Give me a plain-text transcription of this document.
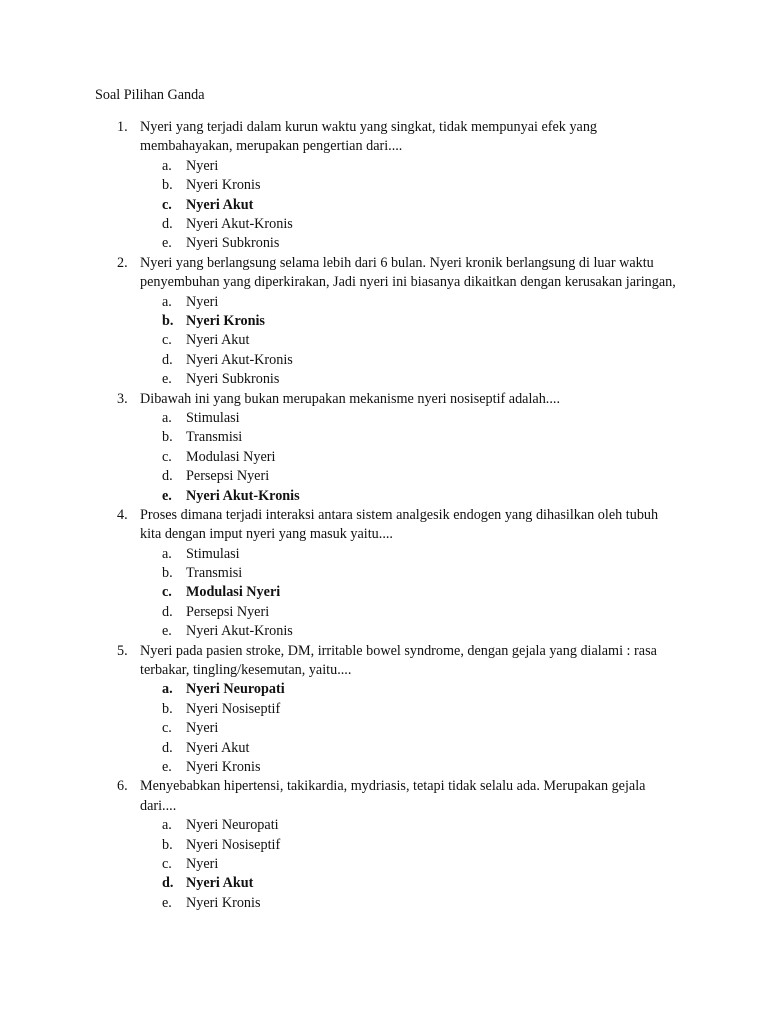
Soal Pilihan Ganda
1. Nyeri yang terjadi dalam kurun waktu yang singkat, tidak mempunyai efek yang membahayakan, merupakan pengertian dari....
a. Nyeri
b. Nyeri Kronis
c. Nyeri Akut
d. Nyeri Akut-Kronis
e. Nyeri Subkronis
2. Nyeri yang berlangsung selama lebih dari 6 bulan. Nyeri kronik berlangsung di luar waktu penyembuhan yang diperkirakan, Jadi nyeri ini biasanya dikaitkan dengan kerusakan jaringan,
a. Nyeri
b. Nyeri Kronis
c. Nyeri Akut
d. Nyeri Akut-Kronis
e. Nyeri Subkronis
3. Dibawah ini yang bukan merupakan mekanisme nyeri nosiseptif adalah....
a. Stimulasi
b. Transmisi
c. Modulasi Nyeri
d. Persepsi Nyeri
e. Nyeri Akut-Kronis
4. Proses dimana terjadi interaksi antara sistem analgesik endogen yang dihasilkan oleh tubuh kita dengan imput nyeri yang masuk yaitu....
a. Stimulasi
b. Transmisi
c. Modulasi Nyeri
d. Persepsi Nyeri
e. Nyeri Akut-Kronis
5. Nyeri pada pasien stroke, DM, irritable bowel syndrome, dengan gejala yang dialami : rasa terbakar, tingling/kesemutan, yaitu....
a. Nyeri Neuropati
b. Nyeri Nosiseptif
c. Nyeri
d. Nyeri Akut
e. Nyeri Kronis
6. Menyebabkan hipertensi, takikardia, mydriasis, tetapi tidak selalu ada. Merupakan gejala dari....
a. Nyeri Neuropati
b. Nyeri Nosiseptif
c. Nyeri
d. Nyeri Akut
e. Nyeri Kronis
